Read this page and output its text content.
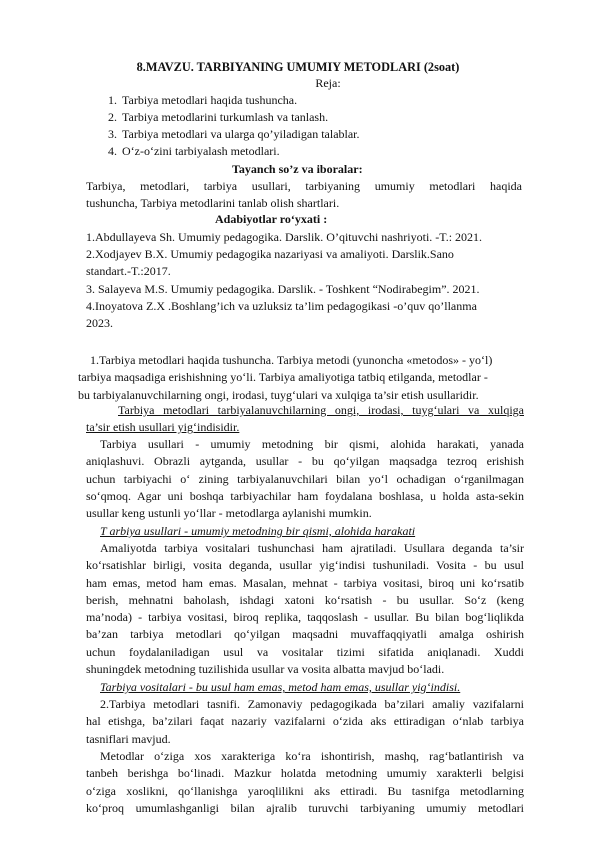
8.MAVZU. TARBIYANING UMUMIY METODLARI (2soat)
Reja:
1. Tarbiya metodlari haqida tushuncha.
2. Tarbiya metodlarini turkumlash va tanlash.
3. Tarbiya metodlari va ularga qo’yiladigan talablar.
4. O‘z-o‘zini tarbiyalash metodlari.
Tayanch so’z va iboralar:
Tarbiya, metodlari, tarbiya usullari, tarbiyaning umumiy metodlari haqida
tushuncha, Tarbiya metodlarini tanlab olish shartlari.
Adabiyotlar ro‘yxati :
1.Abdullayeva Sh. Umumiy pedagogika. Darslik. O’qituvchi nashriyoti. -T.: 2021.
2.Xodjayev B.X. Umumiy pedagogika nazariyasi va amaliyoti. Darslik.Sano
standart.-T.:2017.
3. Salayeva M.S. Umumiy pedagogika. Darslik. - Toshkent “Nodirabegim”. 2021.
4.Inoyatova Z.X .Boshlang’ich va uzluksiz ta’lim pedagogikasi -o’quv qo’llanma
2023.
1.Tarbiya metodlari haqida tushuncha. Tarbiya metodi (yunoncha «metodos» - yo‘l)
tarbiya maqsadiga erishishning yo‘li. Tarbiya amaliyotiga tatbiq etilganda, metodlar -
bu tarbiyalanuvchilarning ongi, irodasi, tuyg‘ulari va xulqiga ta’sir etish usullaridir.
Tarbiya metodlari tarbiyalanuvchilarning ongi, irodasi, tuyg‘ulari va xulqiga
ta’sir etish usullari yig‘indisidir.
Tarbiya usullari - umumiy metodning bir qismi, alohida harakati, yanada
aniqlashuvi. Obrazli aytganda, usullar - bu qo‘yilgan maqsadga tezroq erishish
uchun tarbiyachi o‘ zining tarbiyalanuvchilari bilan yo‘l ochadigan o‘rganilmagan
so‘qmoq. Agar uni boshqa tarbiyachilar ham foydalana boshlasa, u holda asta-sekin
usullar keng ustunli yo‘llar - metodlarga aylanishi mumkin.
T arbiya usullari - umumiy metodning bir qismi, alohida harakati
Amaliyotda tarbiya vositalari tushunchasi ham ajratiladi. Usullara deganda ta’sir
ko‘rsatishlar birligi, vosita deganda, usullar yig‘indisi tushuniladi. Vosita - bu usul
ham emas, metod ham emas. Masalan, mehnat - tarbiya vositasi, biroq uni ko‘rsatib
berish, mehnatni baholash, ishdagi xatoni ko‘rsatish - bu usullar. So‘z (keng
ma’noda) - tarbiya vositasi, biroq replika, taqqoslash - usullar. Bu bilan bog‘liqlikda
ba’zan tarbiya metodlari qo‘yilgan maqsadni muvaffaqqiyatli amalga oshirish
uchun foydalaniladigan usul va vositalar tizimi sifatida aniqlanadi. Xuddi
shuningdek metodning tuzilishida usullar va vosita albatta mavjud bo‘ladi.
Tarbiya vositalari - bu usul ham emas, metod ham emas, usullar yig‘indisi.
2.Tarbiya metodlari tasnifi. Zamonaviy pedagogikada ba’zilari amaliy vazifalarni
hal etishga, ba’zilari faqat nazariy vazifalarni o‘zida aks ettiradigan o‘nlab tarbiya
tasniflari mavjud.
Metodlar o‘ziga xos xarakteriga ko‘ra ishontirish, mashq, rag‘batlantirish va
tanbeh berishga bo‘linadi. Mazkur holatda metodning umumiy xarakterli belgisi
o‘ziga xoslikni, qo‘llanishga yaroqlilikni aks ettiradi. Bu tasnifga metodlarning
ko‘proq umumlashganligi bilan ajralib turuvchi tarbiyaning umumiy metodlari
